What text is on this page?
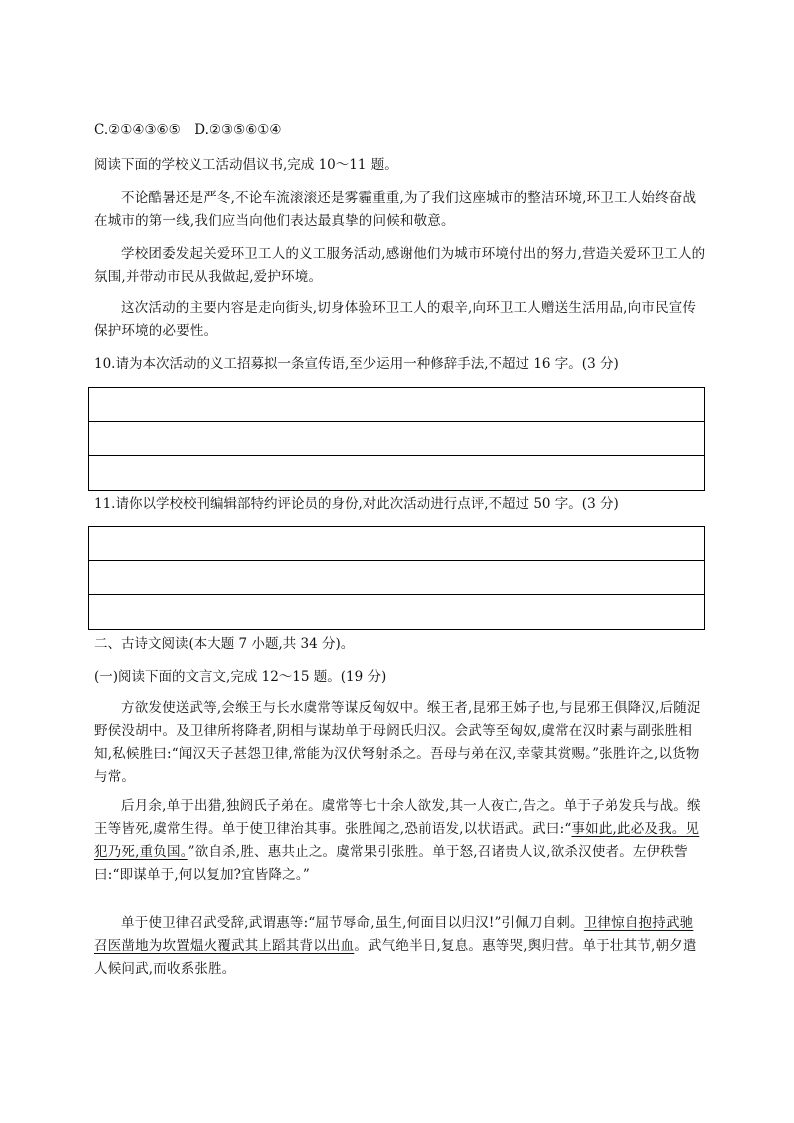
C.②①④③⑥⑤　D.②③⑤⑥①④
阅读下面的学校义工活动倡议书,完成 10～11 题。
不论酷暑还是严冬,不论车流滚滚还是雾霾重重,为了我们这座城市的整洁环境,环卫工人始终奋战在城市的第一线,我们应当向他们表达最真挚的问候和敬意。
学校团委发起关爱环卫工人的义工服务活动,感谢他们为城市环境付出的努力,营造关爱环卫工人的氛围,并带动市民从我做起,爱护环境。
这次活动的主要内容是走向街头,切身体验环卫工人的艰辛,向环卫工人赠送生活用品,向市民宣传保护环境的必要性。
10.请为本次活动的义工招募拟一条宣传语,至少运用一种修辞手法,不超过 16 字。(3 分)
11.请你以学校校刊编辑部特约评论员的身份,对此次活动进行点评,不超过 50 字。(3 分)
二、古诗文阅读(本大题 7 小题,共 34 分)。
(一)阅读下面的文言文,完成 12～15 题。(19 分)
方欲发使送武等,会缑王与长水虞常等谋反匈奴中。缑王者,昆邪王姊子也,与昆邪王俱降汉,后随浞野侯没胡中。及卫律所将降者,阴相与谋劫单于母阏氏归汉。会武等至匈奴,虞常在汉时素与副张胜相知,私候胜曰:“闻汉天子甚怨卫律,常能为汉伏弩射杀之。吾母与弟在汉,幸蒙其赏赐。”张胜许之,以货物与常。
后月余,单于出猎,独阏氏子弟在。虞常等七十余人欲发,其一人夜亡,告之。单于子弟发兵与战。缑王等皆死,虞常生得。单于使卫律治其事。张胜闻之,恐前语发,以状语武。武曰:“事如此,此必及我。见犯乃死,重负国。”欲自杀,胜、惠共止之。虞常果引张胜。单于怒,召诸贵人议,欲杀汉使者。左伊秩訾曰:“即谋单于,何以复加?宜皆降之。”
单于使卫律召武受辞,武谓惠等:“屈节辱命,虽生,何面目以归汉!”引佩刀自刺。卫律惊自抱持武驰召医凿地为坎置煴火覆武其上蹈其背以出血。武气绝半日,复息。惠等哭,舆归营。单于壮其节,朝夕遣人候问武,而收系张胜。
